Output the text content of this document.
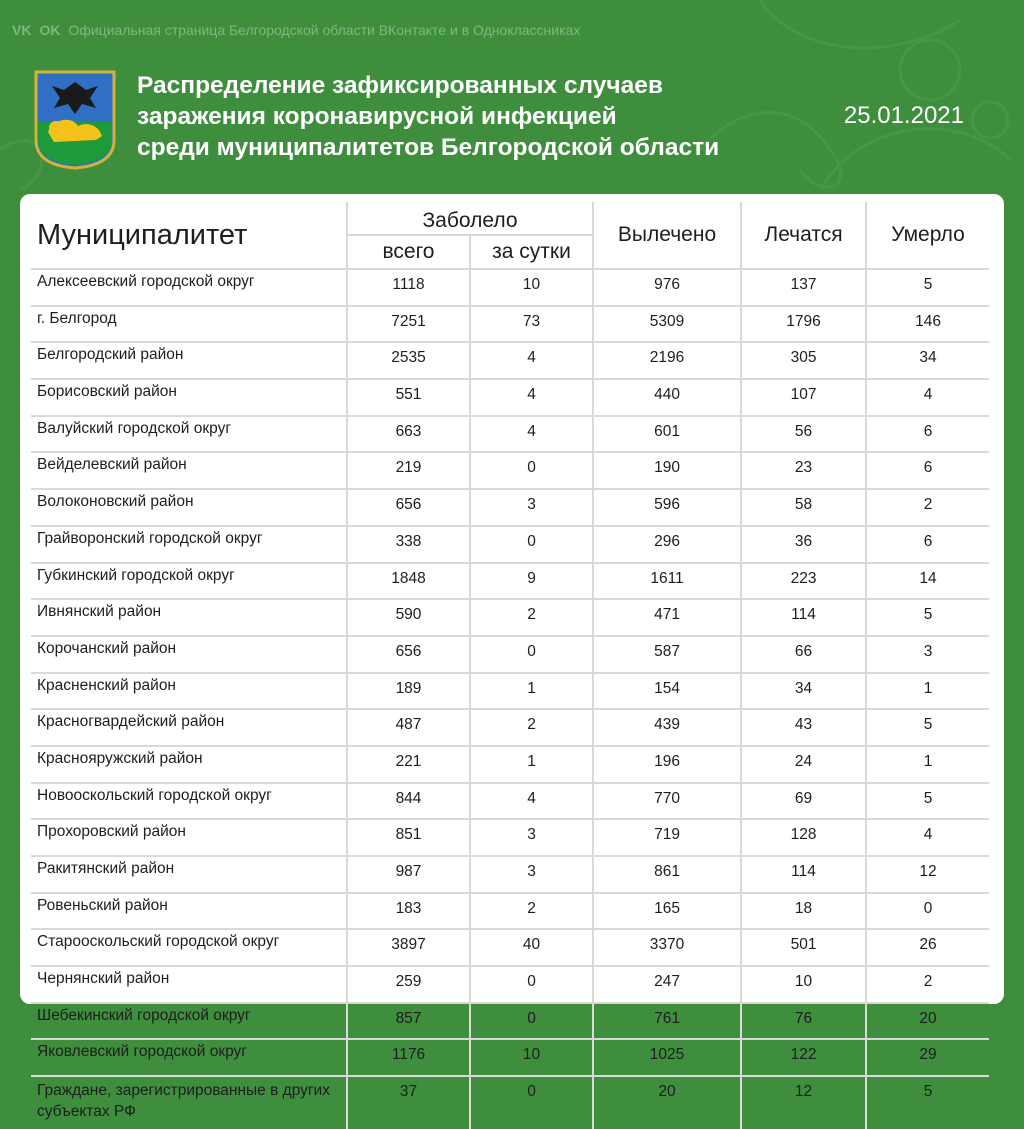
VK OK Официальная страница Белгородской области ВКонтакте и в Одноклассниках
Распределение зафиксированных случаев
заражения коронавирусной инфекцией
среди муниципалитетов Белгородской области
25.01.2021
Муниципалитет	Заболело		Вылечено	Лечатся	Умерло
	всего	за сутки			
Алексеевский городской округ	1118	10	976	137	5
г. Белгород	7251	73	5309	1796	146
Белгородский район	2535	4	2196	305	34
Борисовский район	551	4	440	107	4
Валуйский городской округ	663	4	601	56	6
Вейделевский район	219	0	190	23	6
Волоконовский район	656	3	596	58	2
Грайворонский городской округ	338	0	296	36	6
Губкинский городской округ	1848	9	1611	223	14
Ивнянский район	590	2	471	114	5
Корочанский район	656	0	587	66	3
Красненский район	189	1	154	34	1
Красногвардейский район	487	2	439	43	5
Краснояружский район	221	1	196	24	1
Новооскольский городской округ	844	4	770	69	5
Прохоровский район	851	3	719	128	4
Ракитянский район	987	3	861	114	12
Ровеньский район	183	2	165	18	0
Старооскольский городской округ	3897	40	3370	501	26
Чернянский район	259	0	247	10	2
Шебекинский городской округ	857	0	761	76	20
Яковлевский городской округ	1176	10	1025	122	29
Граждане, зарегистрированные в других субъектах РФ	37	0	20	12	5
